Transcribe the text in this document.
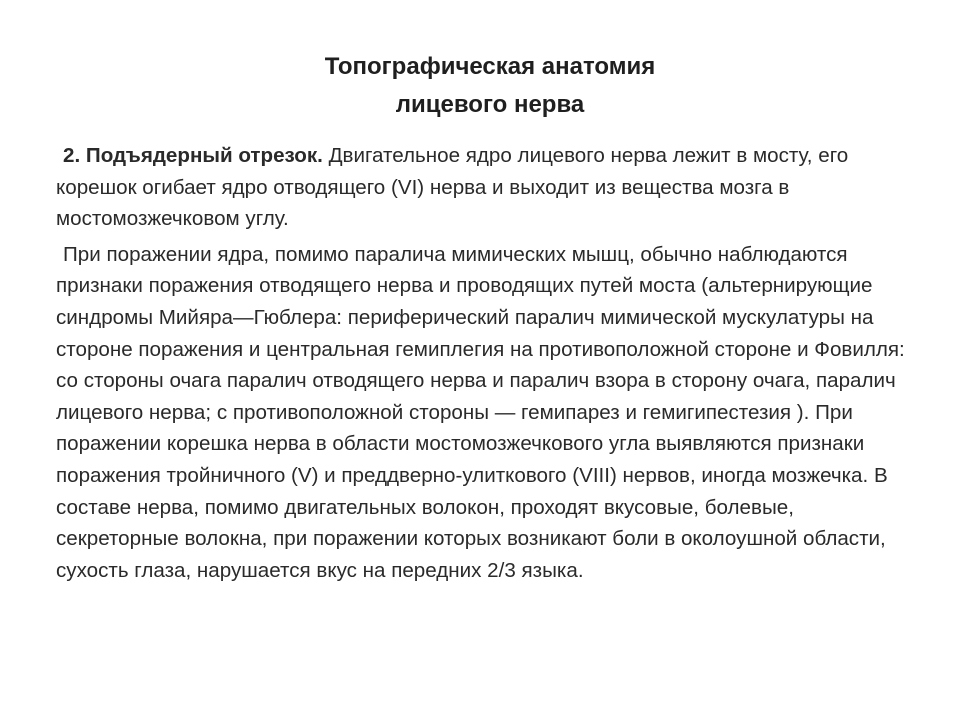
Топографическая анатомия
лицевого нерва

2. Подъядерный отрезок. Двигательное ядро лицевого нерва лежит в мосту, его корешок огибает ядро отводящего (VI) нерва и выходит из вещества мозга в мостомозжечковом углу.

При поражении ядра, помимо паралича мимических мышц, обычно наблюдаются признаки поражения отводящего нерва и проводящих путей моста (альтернирующие синдромы Мийяра—Гюблера: периферический паралич мимической мускулатуры на стороне поражения и центральная гемиплегия на противоположной стороне и Фовилля: со стороны очага паралич отводящего нерва и паралич взора в сторону очага, паралич лицевого нерва; с противоположной стороны — гемипарез и гемигипестезия ). При поражении корешка нерва в области мостомозжечкового угла выявляются признаки поражения тройничного (V) и преддверно-улиткового (VIII) нервов, иногда мозжечка. В составе нерва, помимо двигательных волокон, проходят вкусовые, болевые, секреторные волокна, при поражении которых возникают боли в околоушной области, сухость глаза, нарушается вкус на передних 2/3 языка.
